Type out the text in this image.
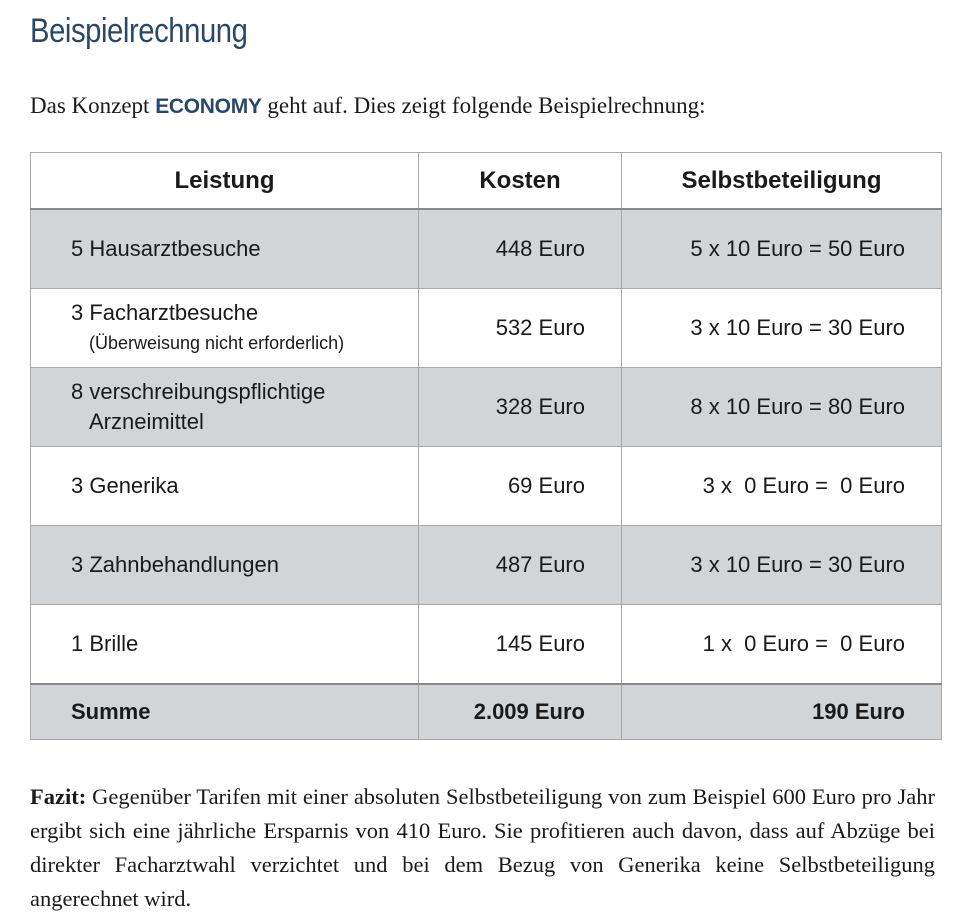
Beispielrechnung

Das Konzept ECONOMY geht auf. Dies zeigt folgende Beispielrechnung:

Leistung	Kosten	Selbstbeteiligung
5 Hausarztbesuche	448 Euro	5 x 10 Euro = 50 Euro
3 Facharztbesuche
(Überweisung nicht erforderlich)	532 Euro	3 x 10 Euro = 30 Euro
8 verschreibungspflichtige
Arzneimittel	328 Euro	8 x 10 Euro = 80 Euro
3 Generika	69 Euro	3 x  0 Euro =  0 Euro
3 Zahnbehandlungen	487 Euro	3 x 10 Euro = 30 Euro
1 Brille	145 Euro	1 x  0 Euro =  0 Euro
Summe	2.009 Euro	190 Euro

Fazit: Gegenüber Tarifen mit einer absoluten Selbstbeteiligung von zum Beispiel 600 Euro pro Jahr ergibt sich eine jährliche Ersparnis von 410 Euro. Sie profitieren auch davon, dass auf Abzüge bei direkter Facharztwahl verzichtet und bei dem Bezug von Generika keine Selbstbeteiligung angerechnet wird.
